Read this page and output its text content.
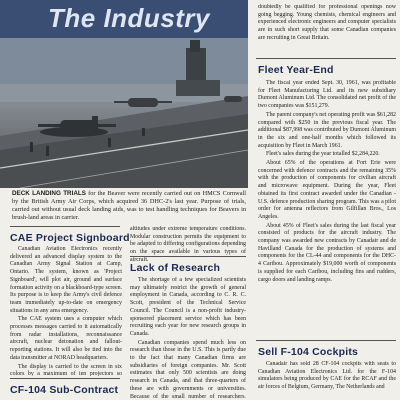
The Industry
DECK LANDING TRIALS for the Beaver were recently carried out on HMCS Cornwall by the British Army Air Corps, which acquired 36 DHC-2's last year. Purpose of trials, carried out without usual deck landing aids, was to test handling techniques for Beavers in brush-land areas in carrier.

doubtedly be qualified for professional openings now going begging. Young chemists, chemical engineers and experienced electronic engineers and computer specialists are in such short supply that some Canadian companies are recruiting in Great Britain.

Fleet Year-End

The fiscal year ended Sept. 30, 1961, was profitable for Fleet Manufacturing Ltd. and its new subsidiary Dumont Aluminum Ltd. The consolidated net profit of the two companies was $151,279.

The parent company's net operating profit was $61,282 compared with $250 in the previous fiscal year. The additional $87,998 was contributed by Dumont Aluminum in the six and one-half months which followed its acquisition by Fleet in March 1961.

Fleet's sales during the year totalled $2,284,220.

About 65% of the operations at Fort Erie were concerned with defence contracts and the remaining 35% with the production of components for civilian aircraft and microwave equipment. During the year, Fleet obtained its first contract awarded under the Canadian - U.S. defence production sharing program. This was a pilot order for antenna reflectors from Gilfillan Bros., Los Angeles.

About 45% of Fleet's sales during the last fiscal year consisted of products for the aircraft industry. The company was awarded new contracts by Canadair and de Havilland Canada for the production of systems and components for the CL-44 and components for the DHC-4 Caribou. Approximately $19,000 worth of components is supplied for each Caribou, including fins and rudders, cargo doors and landing ramps.

Sell F-104 Cockpits

Canadair has sold 28 CF-104 cockpits with seats to Canadian Aviation Electronics Ltd. for the F-104 simulators being produced by CAE for the RCAF and the air forces of Belgium, Germany, The Netherlands and

CAE Project Signboard

Canadian Aviation Electronics recently delivered an advanced display system to the Canadian Army Signal Station at Camp, Ontario. The system, known as 'Project Signboard', will plot air, ground and surface formation activity on a blackboard-type screen. Its purpose is to keep the Army's civil defence team immediately up-to-date on emergency situations in any area emergency.

The CAE system uses a computer which processes messages carried to it automatically from radar installations, reconnaissance aircraft, nuclear detonation and fallout-reporting stations. It will also be tied into the data transmitter at NORAD headquarters.

The display is carried to the screen in six colors by a maximum of ten projectors so

CF-104 Sub-Contract

altitudes under extreme temperature conditions. Modular construction permits the equipment to be adapted to differing configurations depending on the space available in various types of aircraft.

Lack of Research

The shortage of a few specialized scientists may ultimately restrict the growth of general employment in Canada, according to C. R. C. Scott, president of the Technical Service Council. The Council is a non-profit industry-sponsored placement service which has been recruiting each year for new research groups in Canada.

Canadian companies spend much less on research than those in the U.S. This is partly due to the fact that many Canadian firms are subsidiaries of foreign companies. Mr. Scott estimates that only 500 scientists are doing research in Canada, and that three-quarters of these are with governments or universities. Because of the small number of researchers,
